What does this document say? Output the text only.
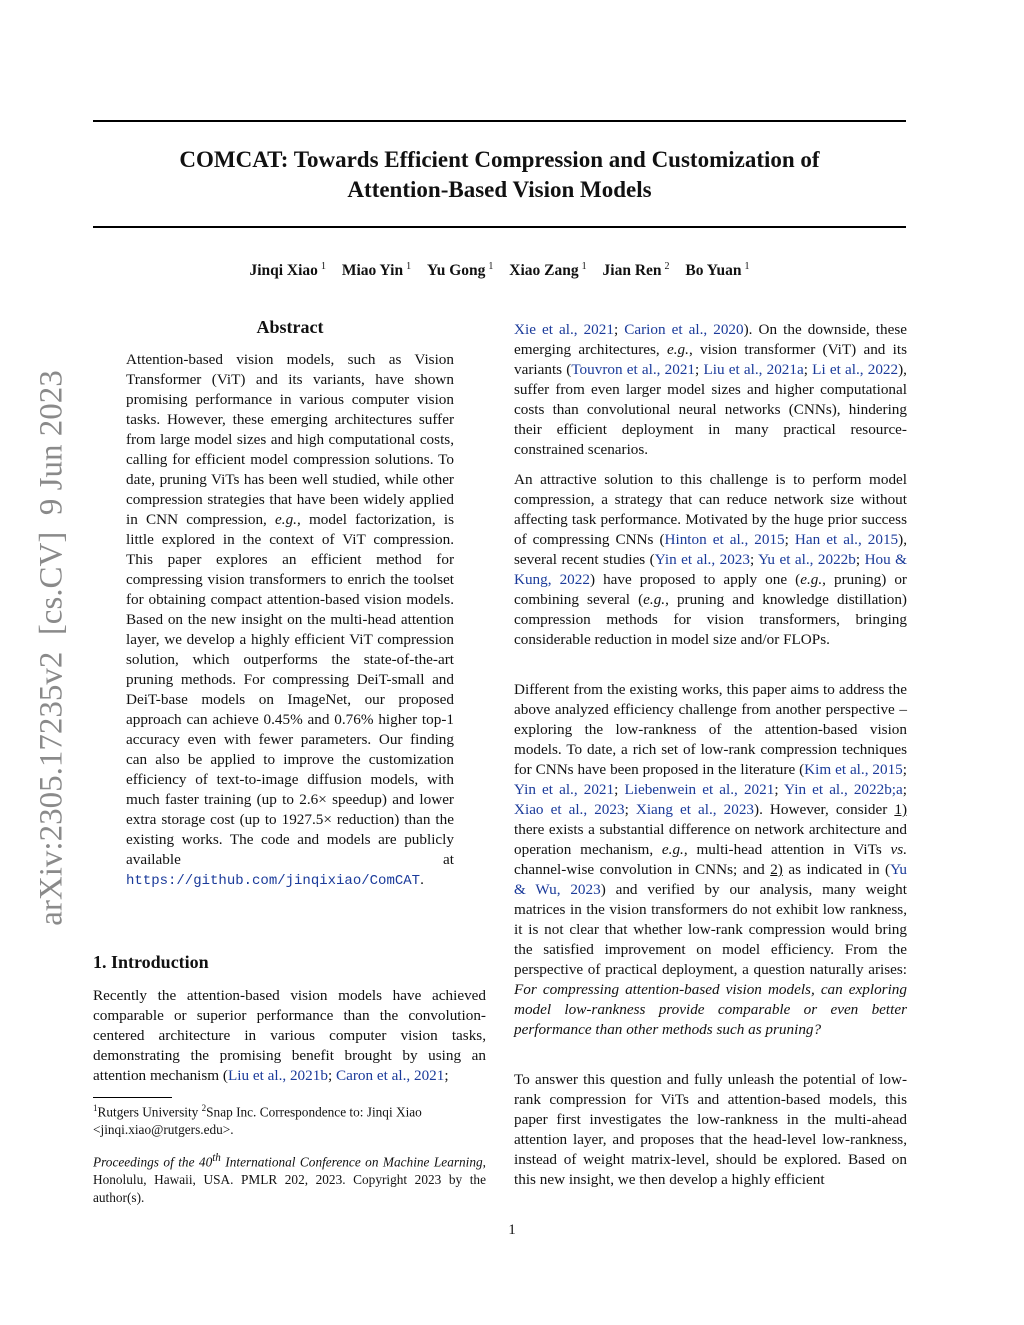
COMCAT: Towards Efficient Compression and Customization of
Attention-Based Vision Models
Jinqi Xiao $^1$ Miao Yin $^1$ Yu Gong $^1$ Xiao Zang $^1$ Jian Ren $^2$ Bo Yuan $^1$
arXiv:2305.17235v2  [cs.CV]  9 Jun 2023
Abstract
Attention-based vision models, such as Vision Transformer (ViT) and its variants, have shown promising performance in various computer vision tasks. However, these emerging architectures suffer from large model sizes and high computational costs, calling for efficient model compression solutions. To date, pruning ViTs has been well studied, while other compression strategies that have been widely applied in CNN compression, e.g., model factorization, is little explored in the context of ViT compression. This paper explores an efficient method for compressing vision transformers to enrich the toolset for obtaining compact attention-based vision models. Based on the new insight on the multi-head attention layer, we develop a highly efficient ViT compression solution, which outperforms the state-of-the-art pruning methods. For compressing DeiT-small and DeiT-base models on ImageNet, our proposed approach can achieve 0.45% and 0.76% higher top-1 accuracy even with fewer parameters. Our finding can also be applied to improve the customization efficiency of text-to-image diffusion models, with much faster training (up to 2.6× speedup) and lower extra storage cost (up to 1927.5× reduction) than the existing works. The code and models are publicly available at https://github.com/jinqixiao/ComCAT.
1. Introduction
Recently the attention-based vision models have achieved comparable or superior performance than the convolution-centered architecture in various computer vision tasks, demonstrating the promising benefit brought by using an attention mechanism (Liu et al., 2021b; Caron et al., 2021;
$^1$Rutgers University $^2$Snap Inc. Correspondence to: Jinqi Xiao <jinqi.xiao@rutgers.edu>.
Proceedings of the 40th International Conference on Machine Learning, Honolulu, Hawaii, USA. PMLR 202, 2023. Copyright 2023 by the author(s).
Xie et al., 2021; Carion et al., 2020). On the downside, these emerging architectures, e.g., vision transformer (ViT) and its variants (Touvron et al., 2021; Liu et al., 2021a; Li et al., 2022), suffer from even larger model sizes and higher computational costs than convolutional neural networks (CNNs), hindering their efficient deployment in many practical resource-constrained scenarios.
An attractive solution to this challenge is to perform model compression, a strategy that can reduce network size without affecting task performance. Motivated by the huge prior success of compressing CNNs (Hinton et al., 2015; Han et al., 2015), several recent studies (Yin et al., 2023; Yu et al., 2022b; Hou & Kung, 2022) have proposed to apply one (e.g., pruning) or combining several (e.g., pruning and knowledge distillation) compression methods for vision transformers, bringing considerable reduction in model size and/or FLOPs.
Different from the existing works, this paper aims to address the above analyzed efficiency challenge from another perspective – exploring the low-rankness of the attention-based vision models. To date, a rich set of low-rank compression techniques for CNNs have been proposed in the literature (Kim et al., 2015; Yin et al., 2021; Liebenwein et al., 2021; Yin et al., 2022b;a; Xiao et al., 2023; Xiang et al., 2023). However, consider 1) there exists a substantial difference on network architecture and operation mechanism, e.g., multi-head attention in ViTs vs. channel-wise convolution in CNNs; and 2) as indicated in (Yu & Wu, 2023) and verified by our analysis, many weight matrices in the vision transformers do not exhibit low rankness, it is not clear that whether low-rank compression would bring the satisfied improvement on model efficiency. From the perspective of practical deployment, a question naturally arises: For compressing attention-based vision models, can exploring model low-rankness provide comparable or even better performance than other methods such as pruning?
To answer this question and fully unleash the potential of low-rank compression for ViTs and attention-based models, this paper first investigates the low-rankness in the multi-ahead attention layer, and proposes that the head-level low-rankness, instead of weight matrix-level, should be explored. Based on this new insight, we then develop a highly efficient
1
